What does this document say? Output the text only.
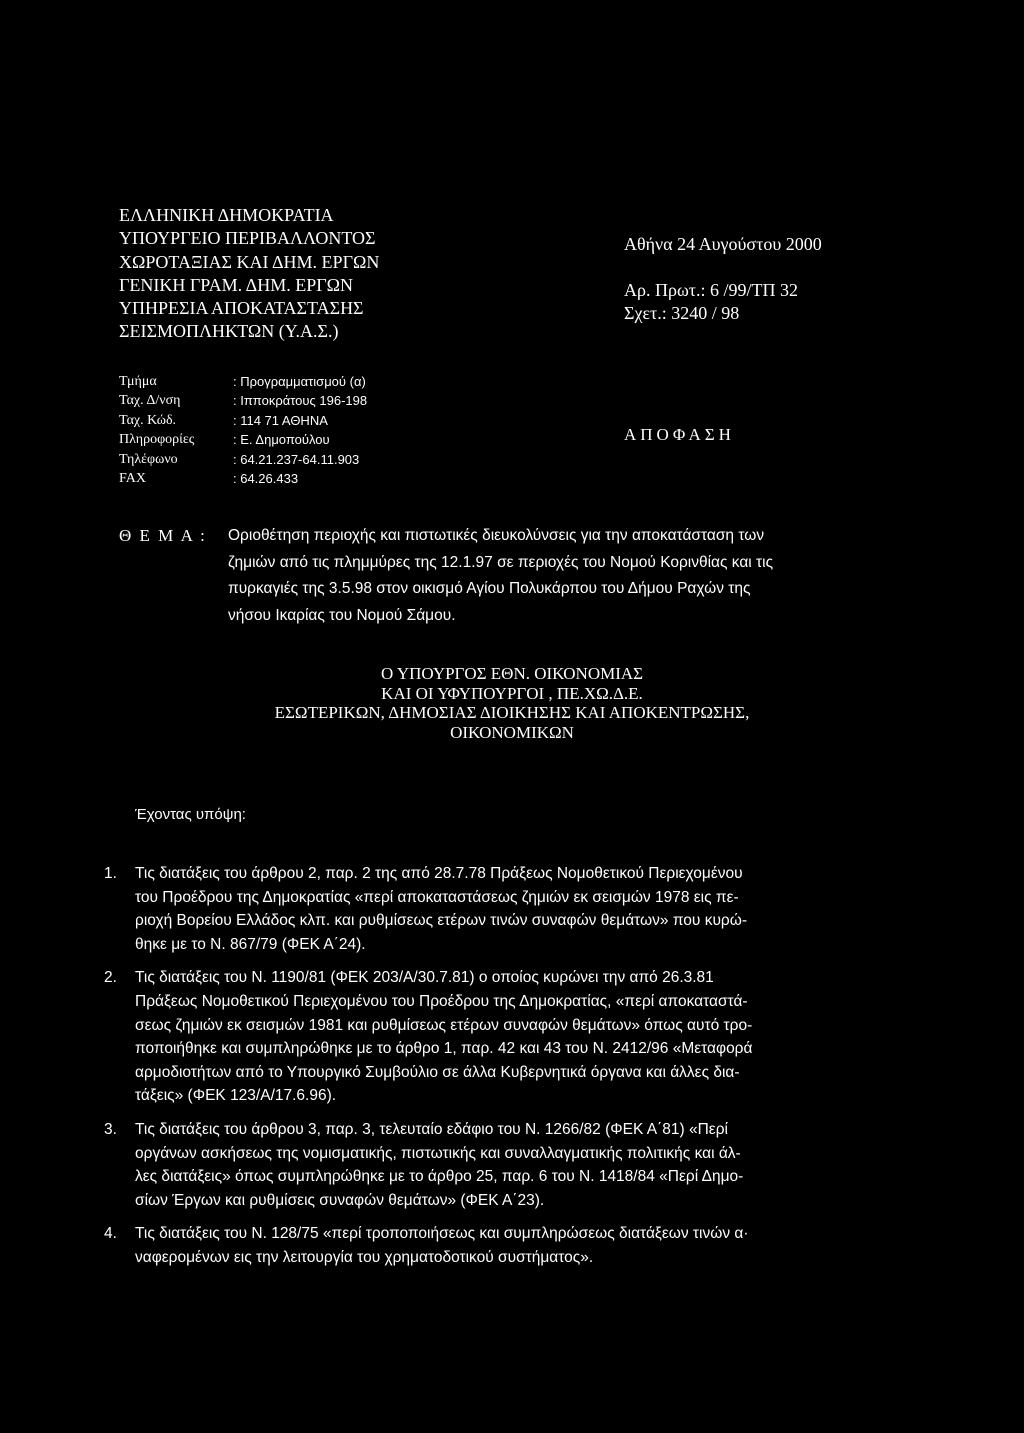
ΕΛΛΗΝΙΚΗ ΔΗΜΟΚΡΑΤΙΑ
ΥΠΟΥΡΓΕΙΟ ΠΕΡΙΒΑΛΛΟΝΤΟΣ
ΧΩΡΟΤΑΞΙΑΣ ΚΑΙ ΔΗΜ. ΕΡΓΩΝ
ΓΕΝΙΚΗ ΓΡΑΜ. ΔΗΜ. ΕΡΓΩΝ
ΥΠΗΡΕΣΙΑ ΑΠΟΚΑΤΑΣΤΑΣΗΣ
ΣΕΙΣΜΟΠΛΗΚΤΩΝ (Υ.Α.Σ.)
Αθήνα 24 Αυγούστου 2000
Αρ. Πρωτ.: 6 /99/ΤΠ 32
Σχετ.: 3240 / 98
Τμήμα	: Προγραμματισμού (α)
Ταχ. Δ/νση	: Ιπποκράτους 196-198
Ταχ. Κώδ.	: 114 71 ΑΘΗΝΑ
Πληροφορίες	: Ε. Δημοπούλου
Τηλέφωνο	: 64.21.237-64.11.903
FAX	: 64.26.433
ΑΠΟΦΑΣΗ
Θ Ε Μ Α : Οριοθέτηση περιοχής και πιστωτικές διευκολύνσεις για την αποκατάσταση των
ζημιών από τις πλημμύρες της 12.1.97 σε περιοχές του Νομού Κορινθίας και τις
πυρκαγιές της 3.5.98 στον οικισμό Αγίου Πολυκάρπου του Δήμου Ραχών της
νήσου Ικαρίας του Νομού Σάμου.
Ο ΥΠΟΥΡΓΟΣ ΕΘΝ. ΟΙΚΟΝΟΜΙΑΣ
ΚΑΙ ΟΙ ΥΦΥΠΟΥΡΓΟΙ , ΠΕ.ΧΩ.Δ.Ε.
ΕΣΩΤΕΡΙΚΩΝ, ΔΗΜΟΣΙΑΣ ΔΙΟΙΚΗΣΗΣ ΚΑΙ ΑΠΟΚΕΝΤΡΩΣΗΣ,
ΟΙΚΟΝΟΜΙΚΩΝ
Έχοντας υπόψη:
1. Τις διατάξεις του άρθρου 2, παρ. 2 της από 28.7.78 Πράξεως Νομοθετικού Περιεχομένου
του Προέδρου της Δημοκρατίας «περί αποκαταστάσεως ζημιών εκ σεισμών 1978 εις πε-
ριοχή Βορείου Ελλάδος κλπ. και ρυθμίσεως ετέρων τινών συναφών θεμάτων» που κυρώ-
θηκε με το Ν. 867/79 (ΦΕΚ Α΄24).
2. Τις διατάξεις του Ν. 1190/81 (ΦΕΚ 203/Α/30.7.81) ο οποίος κυρώνει την από 26.3.81
Πράξεως Νομοθετικού Περιεχομένου του Προέδρου της Δημοκρατίας, «περί αποκαταστά-
σεως ζημιών εκ σεισμών 1981 και ρυθμίσεως ετέρων συναφών θεμάτων» όπως αυτό τρο-
ποποιήθηκε και συμπληρώθηκε με το άρθρο 1, παρ. 42 και 43 του Ν. 2412/96 «Μεταφορά
αρμοδιοτήτων από το Υπουργικό Συμβούλιο σε άλλα Κυβερνητικά όργανα και άλλες δια-
τάξεις» (ΦΕΚ 123/Α/17.6.96).
3. Τις διατάξεις του άρθρου 3, παρ. 3, τελευταίο εδάφιο του Ν. 1266/82 (ΦΕΚ Α΄81) «Περί
οργάνων ασκήσεως της νομισματικής, πιστωτικής και συναλλαγματικής πολιτικής και άλ-
λες διατάξεις» όπως συμπληρώθηκε με το άρθρο 25, παρ. 6 του Ν. 1418/84 «Περί Δημο-
σίων Έργων και ρυθμίσεις συναφών θεμάτων» (ΦΕΚ Α΄23).
4. Τις διατάξεις του Ν. 128/75 «περί τροποποιήσεως και συμπληρώσεως διατάξεων τινών α·
ναφερομένων εις την λειτουργία του χρηματοδοτικού συστήματος».
